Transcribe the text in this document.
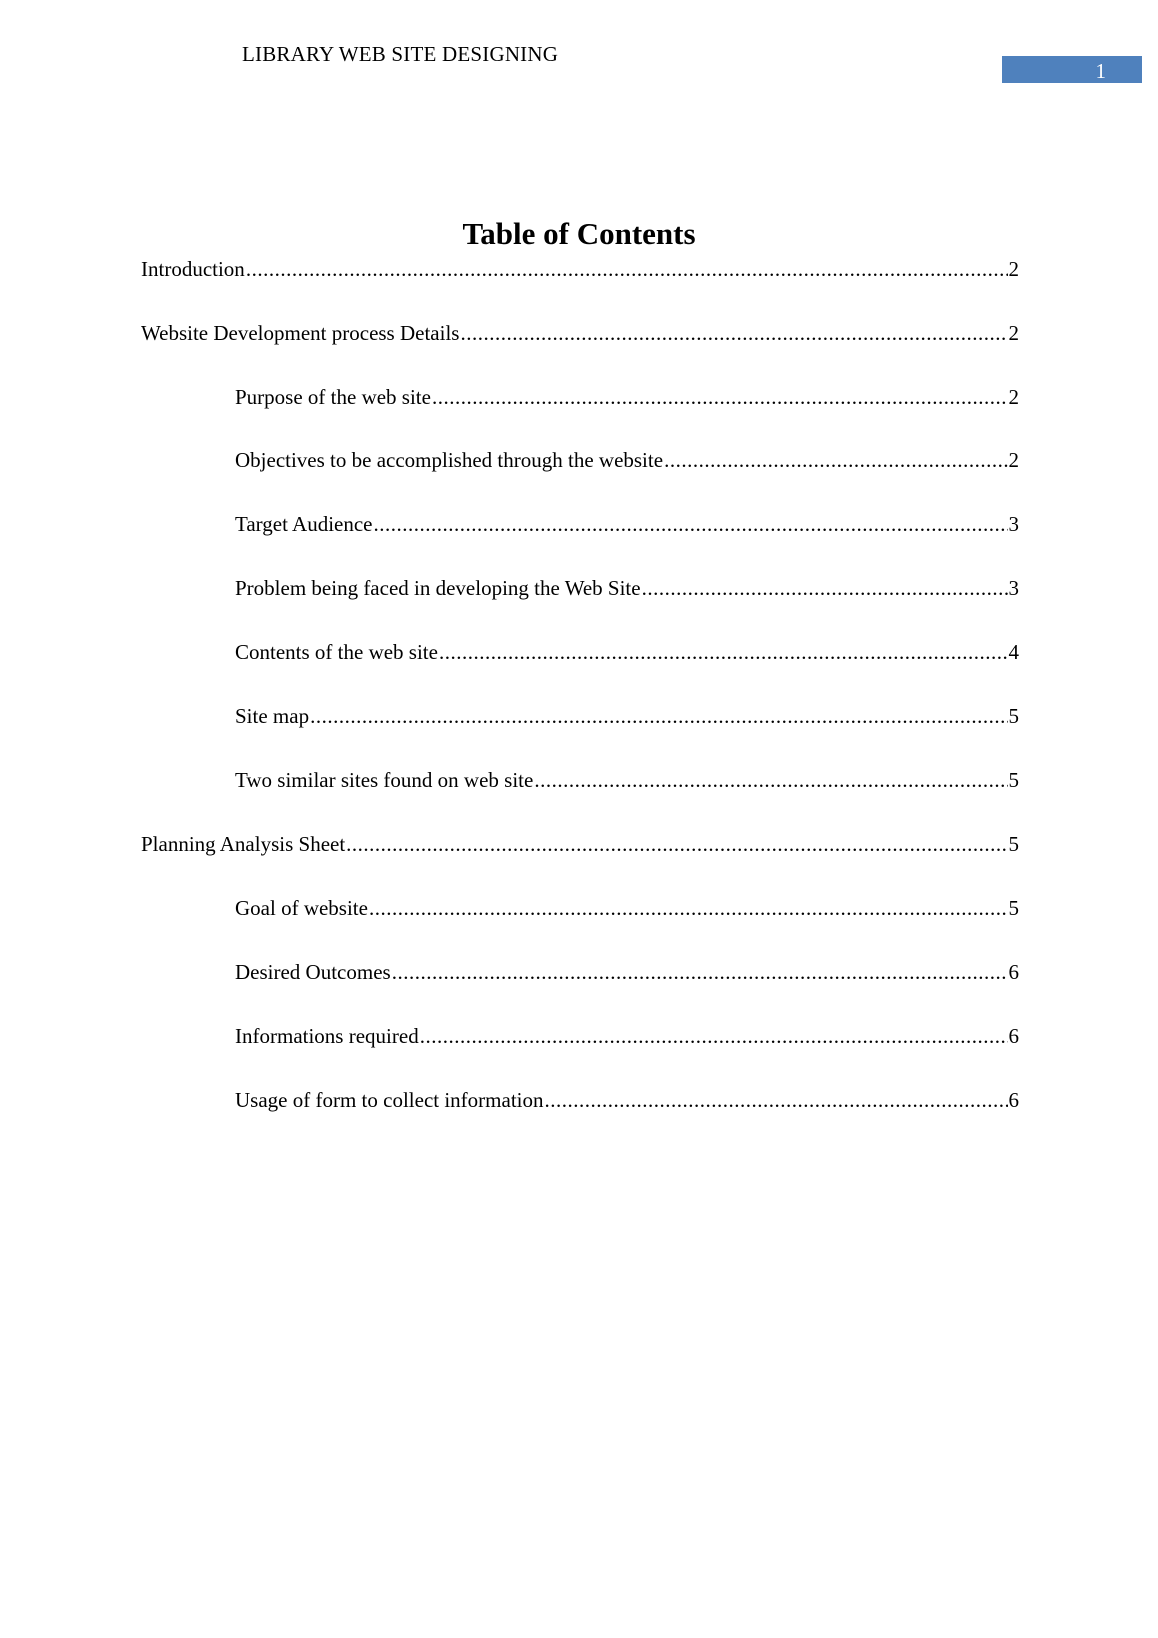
LIBRARY WEB SITE DESIGNING
1
Table of Contents
Introduction .....	2
Website Development process Details .....	2
Purpose of the web site .....	2
Objectives to be accomplished through the website .....	2
Target Audience .....	3
Problem being faced in developing the Web Site .....	3
Contents of the web site .....	4
Site map .....	5
Two similar sites found on web site .....	5
Planning Analysis Sheet .....	5
Goal of website .....	5
Desired Outcomes .....	6
Informations required .....	6
Usage of form to collect information .....	6
